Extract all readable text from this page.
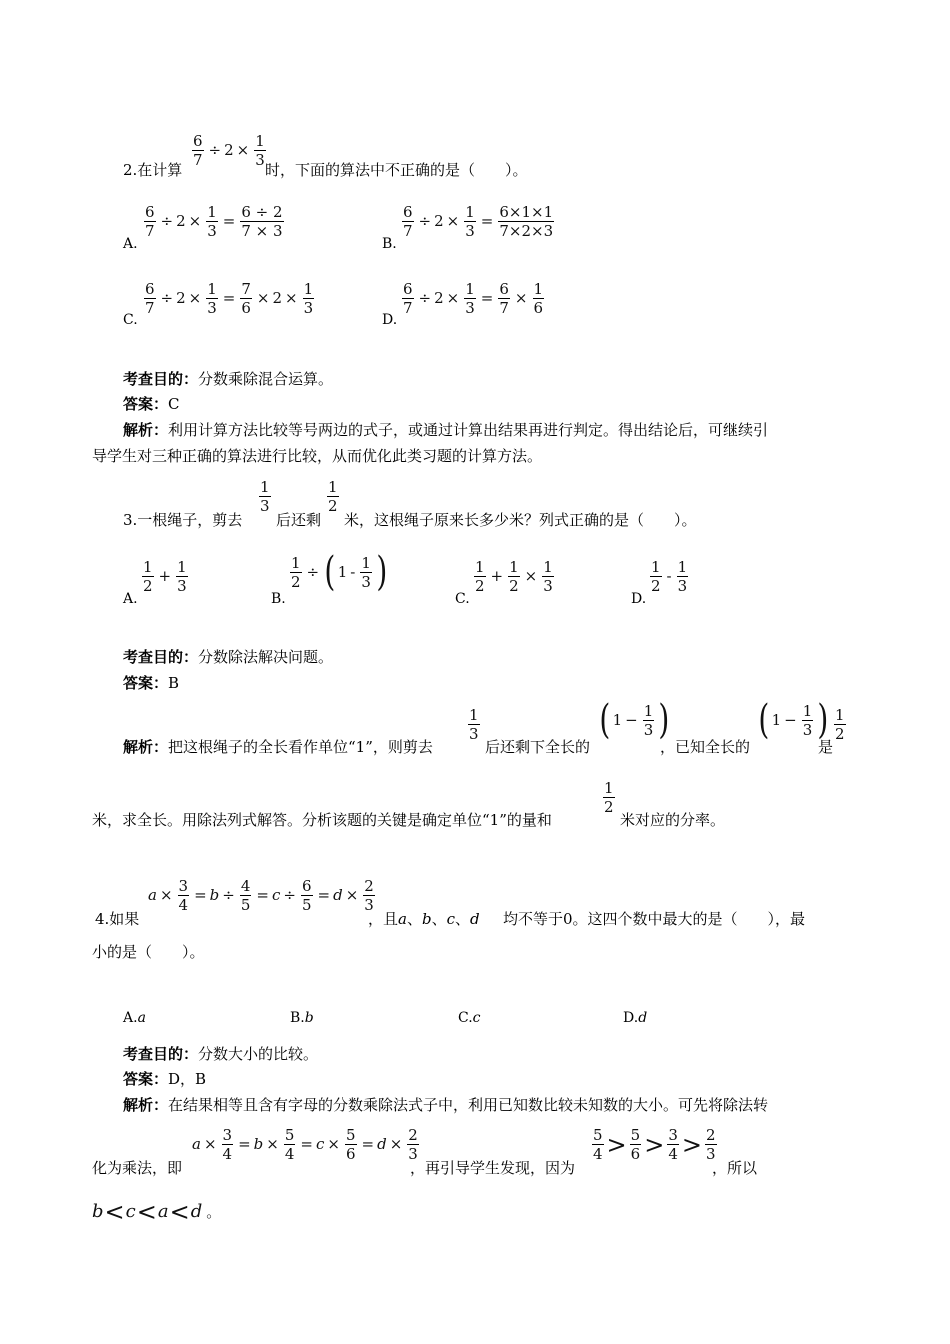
2.在计算
$\frac{6}{7} \div 2 \times \frac{1}{3}$
时，下面的算法中不正确的是（　　）。
A.
$\frac{6}{7} \div 2 \times \frac{1}{3} = \frac{6 \div 2}{7 \times 3}$
B.
$\frac{6}{7} \div 2 \times \frac{1}{3} = \frac{6\times 1\times 1}{7\times 2\times 3}$
C.
$\frac{6}{7} \div 2 \times \frac{1}{3} = \frac{7}{6} \times 2 \times \frac{1}{3}$
D.
$\frac{6}{7} \div 2 \times \frac{1}{3} = \frac{6}{7} \times \frac{1}{6}$
考查目的：分数乘除混合运算。
答案：C
解析：利用计算方法比较等号两边的式子，或通过计算出结果再进行判定。得出结论后，可继续引
导学生对三种正确的算法进行比较，从而优化此类习题的计算方法。
3.一根绳子，剪去
$\frac{1}{3}$
后还剩
$\frac{1}{2}$
米，这根绳子原来长多少米？列式正确的是（　　）。
A.
$\frac{1}{2} + \frac{1}{3}$
B.
$\frac{1}{2}$ ÷ ( $1 - \frac{1}{3}$ )
C.
$\frac{1}{2} + \frac{1}{2} \times \frac{1}{3}$
D.
$\frac{1}{2} - \frac{1}{3}$
考查目的：分数除法解决问题。
答案：B
解析：把这根绳子的全长看作单位“1”，则剪去
$\frac{1}{3}$
后还剩下全长的
( $1 - \frac{1}{3}$ )
，已知全长的
( $1 - \frac{1}{3}$ )
是
$\frac{1}{2}$
米，求全长。用除法列式解答。分析该题的关键是确定单位“1”的量和
$\frac{1}{2}$
米对应的分率。
4.如果
$a \times \frac{3}{4} = b \div \frac{4}{5} = c \div \frac{6}{5} = d \times \frac{2}{3}$
，且a、b、c、d 均不等于0。这四个数中最大的是（　　），最
小的是（　　）。
A.a	B.b	C.c	D.d
考查目的：分数大小的比较。
答案：D，B
解析：在结果相等且含有字母的分数乘除法式子中，利用已知数比较未知数的大小。可先将除法转
化为乘法，即
$a \times \frac{3}{4} = b \times \frac{5}{4} = c \times \frac{5}{6} = d \times \frac{2}{3}$
，再引导学生发现，因为
$\frac{5}{4} > \frac{5}{6} > \frac{3}{4} > \frac{2}{3}$
，所以
b < c < a < d 。
